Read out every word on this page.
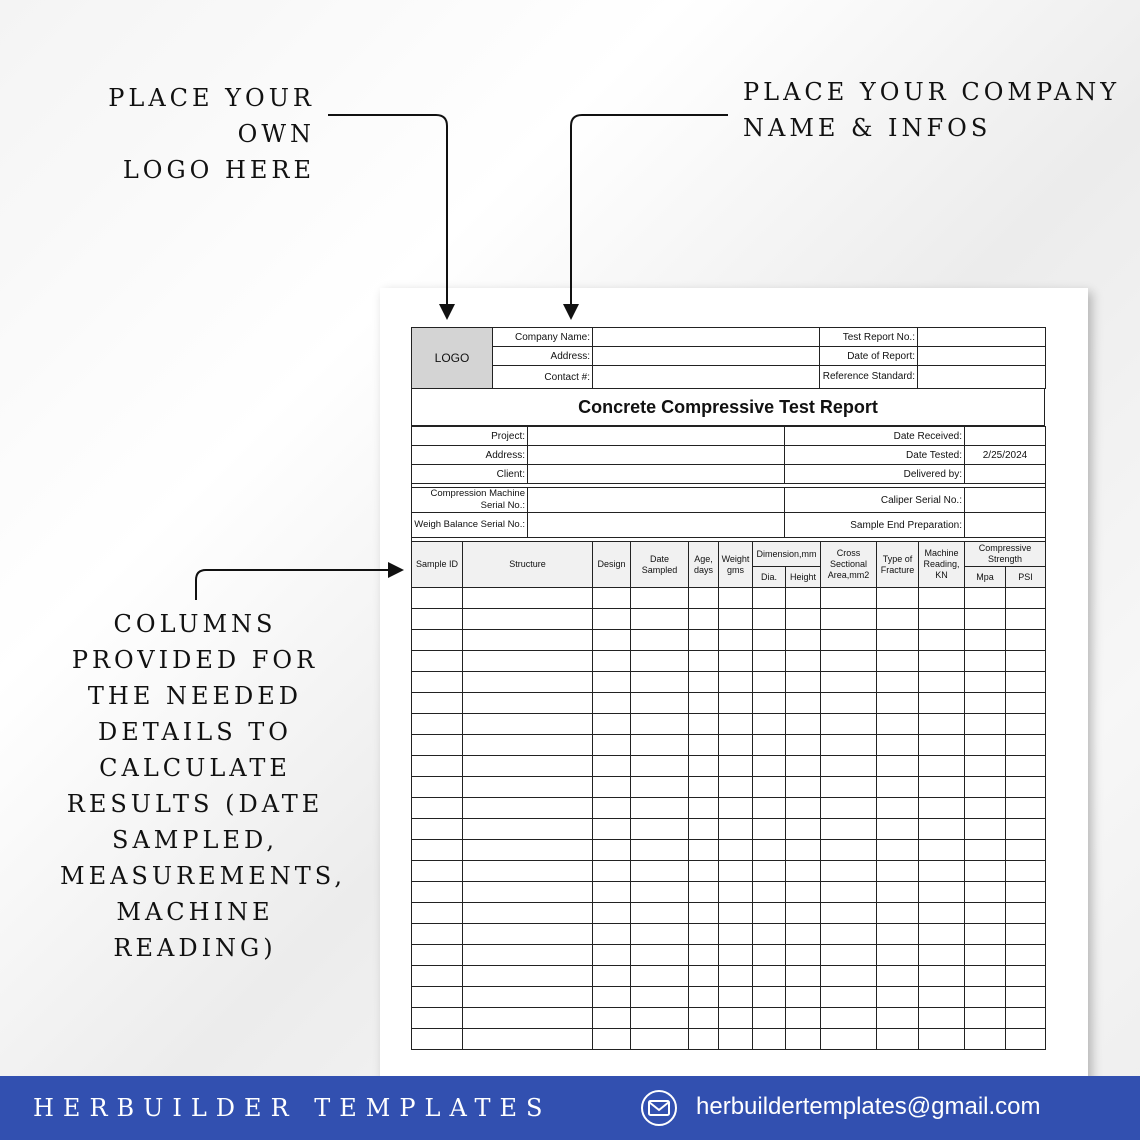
PLACE YOUR OWN
LOGO HERE
PLACE YOUR COMPANY
NAME & INFOS
COLUMNS
PROVIDED FOR
THE NEEDED
DETAILS TO
CALCULATE
RESULTS (DATE
SAMPLED,
MEASUREMENTS,
MACHINE
READING)
LOGO	Company Name:		Test Report No.:	
	Address:		Date of Report:	
	Contact #:		Reference Standard:	
Concrete Compressive Test Report
Project:		Date Received:	
Address:		Date Tested:	2/25/2024
Client:		Delivered by:	

Compression Machine Serial No.:		Caliper Serial No.:	
Weigh Balance Serial No.:		Sample End Preparation:	

Sample ID	Structure	Design	Date Sampled	Age, days	Weight gms	Dimension,mm		Cross Sectional Area,mm2	Type of Fracture	Machine Reading, KN	Compressive Strength	
						Dia.	Height				Mpa	PSI

HERBUILDER TEMPLATES	herbuildertemplates@gmail.com
